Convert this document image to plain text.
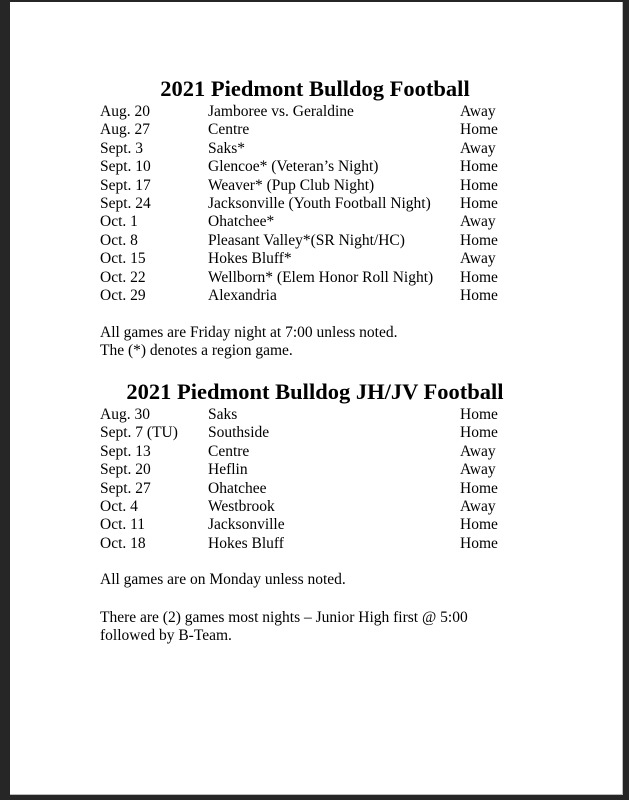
2021 Piedmont Bulldog Football
Aug. 20	Jamboree vs. Geraldine	Away
Aug. 27	Centre	Home
Sept. 3	Saks*	Away
Sept. 10	Glencoe* (Veteran’s Night)	Home
Sept. 17	Weaver* (Pup Club Night)	Home
Sept. 24	Jacksonville (Youth Football Night) Home
Oct. 1	Ohatchee*	Away
Oct. 8	Pleasant Valley*(SR Night/HC)	Home
Oct. 15	Hokes Bluff*	Away
Oct. 22	Wellborn* (Elem Honor Roll Night) Home
Oct. 29	Alexandria	Home
All games are Friday night at 7:00 unless noted.
The (*) denotes a region game.
2021 Piedmont Bulldog JH/JV Football
Aug. 30	Saks	Home
Sept. 7 (TU) Southside	Home
Sept. 13	Centre	Away
Sept. 20	Heflin	Away
Sept. 27	Ohatchee	Home
Oct. 4	Westbrook	Away
Oct. 11	Jacksonville	Home
Oct. 18	Hokes Bluff	Home
All games are on Monday unless noted.
There are (2) games most nights – Junior High first @ 5:00
followed by B-Team.
